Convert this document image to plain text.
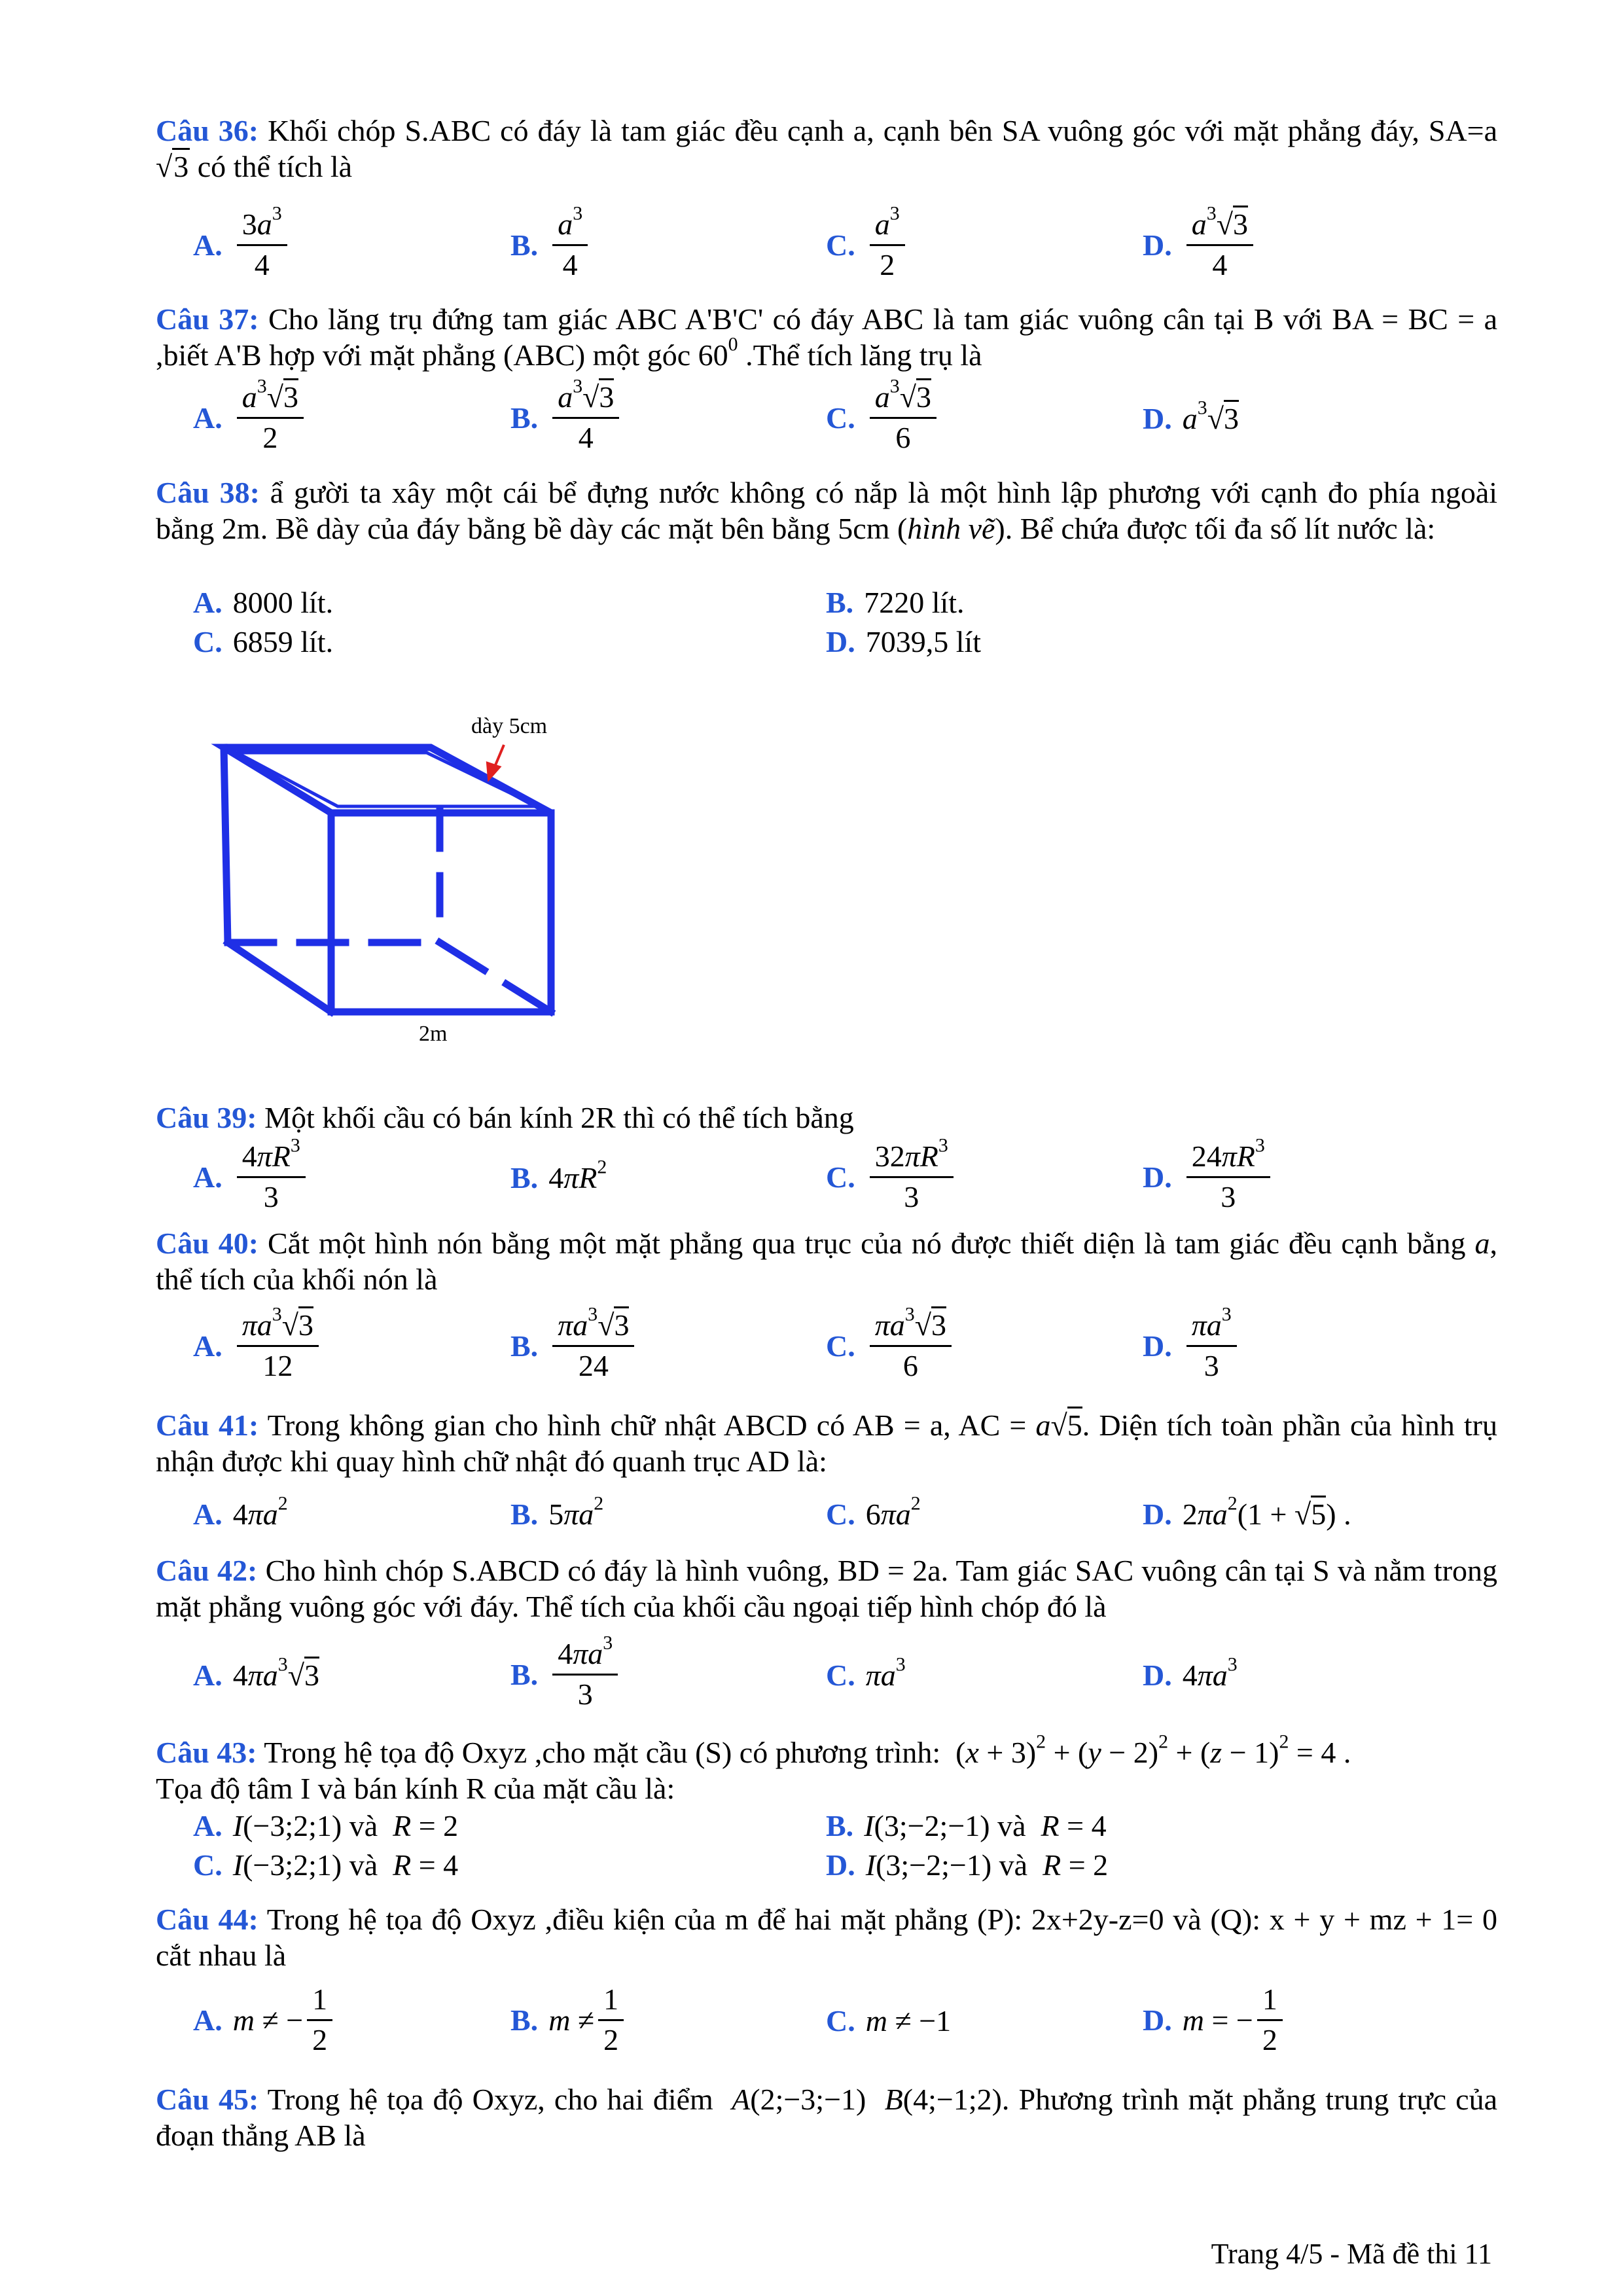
Câu 36: Khối chóp S.ABC có đáy là tam giác đều cạnh a, cạnh bên SA vuông góc với mặt phẳng đáy, SA=a √3 có thể tích là
A. $\frac{3a^3}{4}$	B. $\frac{a^3}{4}$	C. $\frac{a^3}{2}$	D. $\frac{a^3√3}{4}$
Câu 37: Cho lăng trụ đứng tam giác ABC A'B'C' có đáy ABC là tam giác vuông cân tại B với BA = BC = a ,biết A'B hợp với mặt phẳng (ABC) một góc $60^0$ .Thể tích lăng trụ là
A. $\frac{a^3√3}{2}$	B. $\frac{a^3√3}{4}$	C. $\frac{a^3√3}{6}$	D. $a^3√3$
Câu 38: ẩ gười ta xây một cái bể đựng nước không có nắp là một hình lập phương với cạnh đo phía ngoài bằng 2m. Bề dày của đáy bằng bề dày các mặt bên bằng 5cm (hình vẽ). Bể chứa được tối đa số lít nước là:
A. 8000 lít.	B. 7220 lít.
C. 6859 lít.	D. 7039,5 lít
dày 5cm
2m
Câu 39: Một khối cầu có bán kính 2R thì có thể tích bằng
A. $\frac{4\pi R^3}{3}$	B. $4\pi R^2$	C. $\frac{32\pi R^3}{3}$	D. $\frac{24\pi R^3}{3}$
Câu 40: Cắt một hình nón bằng một mặt phẳng qua trục của nó được thiết diện là tam giác đều cạnh bằng a, thể tích của khối nón là
A. $\frac{\pi a^3√3}{12}$	B. $\frac{\pi a^3√3}{24}$	C. $\frac{\pi a^3√3}{6}$	D. $\frac{\pi a^3}{3}$
Câu 41: Trong không gian cho hình chữ nhật ABCD có AB = a, AC = a√5. Diện tích toàn phần của hình trụ nhận được khi quay hình chữ nhật đó quanh trục AD là:
A. $4\pi a^2$	B. $5\pi a^2$	C. $6\pi a^2$	D. $2\pi a^2(1 + √5)$ .
Câu 42: Cho hình chóp S.ABCD có đáy là hình vuông, BD = 2a. Tam giác SAC vuông cân tại S và nằm trong mặt phẳng vuông góc với đáy. Thể tích của khối cầu ngoại tiếp hình chóp đó là
A. $4\pi a^3√3$	B. $\frac{4\pi a^3}{3}$	C. $\pi a^3$	D. $4\pi a^3$
Câu 43: Trong hệ tọa độ Oxyz ,cho mặt cầu (S) có phương trình:  $(x + 3)^2 + (y - 2)^2 + (z - 1)^2 = 4$ .
Tọa độ tâm I và bán kính R của mặt cầu là:
A. I(−3;2;1) và R = 2	B. I(3;−2;−1) và R = 4
C. I(−3;2;1) và R = 4	D. I(3;−2;−1) và R = 2
Câu 44: Trong hệ tọa độ Oxyz ,điều kiện của m để hai mặt phẳng (P): 2x+2y-z=0 và (Q): x + y + mz + 1= 0 cắt nhau là
A. m ≠ − $\frac{1}{2}$	B. $m \ne \frac{1}{2}$	C. m ≠ −1	D. m = − $\frac{1}{2}$
Câu 45: Trong hệ tọa độ Oxyz, cho hai điểm A(2;−3;−1)  B(4;−1;2). Phương trình mặt phẳng trung trực của đoạn thẳng AB là
Trang 4/5 - Mã đề thi 11
